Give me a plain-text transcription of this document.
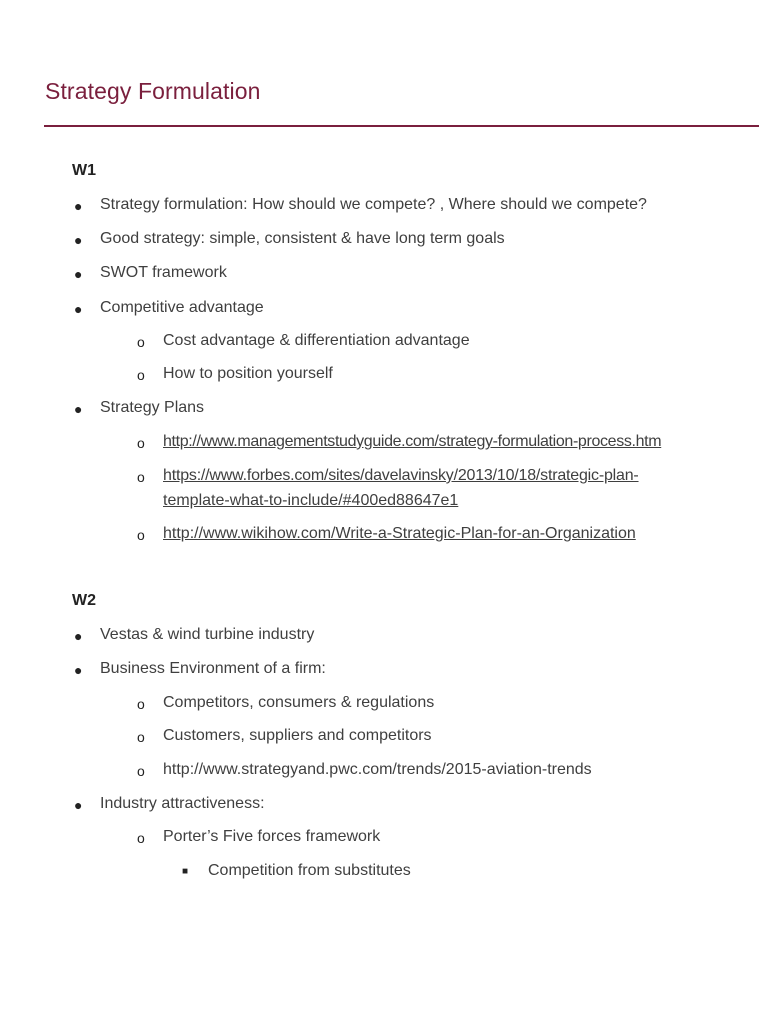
Strategy Formulation
W1
● Strategy formulation: How should we compete? , Where should we compete?
● Good strategy: simple, consistent & have long term goals
● SWOT framework
● Competitive advantage
o Cost advantage & differentiation advantage
o How to position yourself
● Strategy Plans
o http://www.managementstudyguide.com/strategy-formulation-process.htm
o https://www.forbes.com/sites/davelavinsky/2013/10/18/strategic-plan-
template-what-to-include/#400ed88647e1
o http://www.wikihow.com/Write-a-Strategic-Plan-for-an-Organization
W2
● Vestas & wind turbine industry
● Business Environment of a firm:
o Competitors, consumers & regulations
o Customers, suppliers and competitors
o http://www.strategyand.pwc.com/trends/2015-aviation-trends
● Industry attractiveness:
o Porter’s Five forces framework
■ Competition from substitutes
